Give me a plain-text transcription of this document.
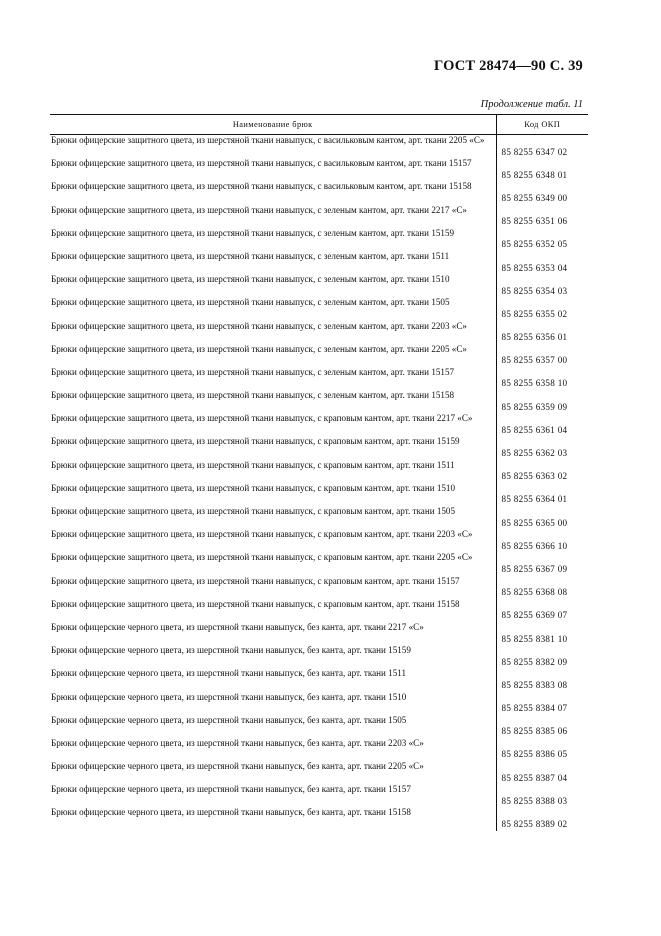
ГОСТ 28474—90 С. 39
Продолжение табл. 11
Наименование брюк	Код ОКП
Брюки офицерские защитного цвета, из шерстяной ткани навыпуск, с васильковым кантом, арт. ткани 2205 «С»	85 8255 6347 02
Брюки офицерские защитного цвета, из шерстяной ткани навыпуск, с васильковым кантом, арт. ткани 15157	85 8255 6348 01
Брюки офицерские защитного цвета, из шерстяной ткани навыпуск, с васильковым кантом, арт. ткани 15158	85 8255 6349 00
Брюки офицерские защитного цвета, из шерстяной ткани навыпуск, с зеленым кантом, арт. ткани 2217 «С»	85 8255 6351 06
Брюки офицерские защитного цвета, из шерстяной ткани навыпуск, с зеленым кантом, арт. ткани 15159	85 8255 6352 05
Брюки офицерские защитного цвета, из шерстяной ткани навыпуск, с зеленым кантом, арт. ткани 1511	85 8255 6353 04
Брюки офицерские защитного цвета, из шерстяной ткани навыпуск, с зеленым кантом, арт. ткани 1510	85 8255 6354 03
Брюки офицерские защитного цвета, из шерстяной ткани навыпуск, с зеленым кантом, арт. ткани 1505	85 8255 6355 02
Брюки офицерские защитного цвета, из шерстяной ткани навыпуск, с зеленым кантом, арт. ткани 2203 «С»	85 8255 6356 01
Брюки офицерские защитного цвета, из шерстяной ткани навыпуск, с зеленым кантом, арт. ткани 2205 «С»	85 8255 6357 00
Брюки офицерские защитного цвета, из шерстяной ткани навыпуск, с зеленым кантом, арт. ткани 15157	85 8255 6358 10
Брюки офицерские защитного цвета, из шерстяной ткани навыпуск, с зеленым кантом, арт. ткани 15158	85 8255 6359 09
Брюки офицерские защитного цвета, из шерстяной ткани навыпуск, с краповым кантом, арт. ткани 2217 «С»	85 8255 6361 04
Брюки офицерские защитного цвета, из шерстяной ткани навыпуск, с краповым кантом, арт. ткани 15159	85 8255 6362 03
Брюки офицерские защитного цвета, из шерстяной ткани навыпуск, с краповым кантом, арт. ткани 1511	85 8255 6363 02
Брюки офицерские защитного цвета, из шерстяной ткани навыпуск, с краповым кантом, арт. ткани 1510	85 8255 6364 01
Брюки офицерские защитного цвета, из шерстяной ткани навыпуск, с краповым кантом, арт. ткани 1505	85 8255 6365 00
Брюки офицерские защитного цвета, из шерстяной ткани навыпуск, с краповым кантом, арт. ткани 2203 «С»	85 8255 6366 10
Брюки офицерские защитного цвета, из шерстяной ткани навыпуск, с краповым кантом, арт. ткани 2205 «С»	85 8255 6367 09
Брюки офицерские защитного цвета, из шерстяной ткани навыпуск, с краповым кантом, арт. ткани 15157	85 8255 6368 08
Брюки офицерские защитного цвета, из шерстяной ткани навыпуск, с краповым кантом, арт. ткани 15158	85 8255 6369 07
Брюки офицерские черного цвета, из шерстяной ткани навыпуск, без канта, арт. ткани 2217 «С»	85 8255 8381 10
Брюки офицерские черного цвета, из шерстяной ткани навыпуск, без канта, арт. ткани 15159	85 8255 8382 09
Брюки офицерские черного цвета, из шерстяной ткани навыпуск, без канта, арт. ткани 1511	85 8255 8383 08
Брюки офицерские черного цвета, из шерстяной ткани навыпуск, без канта, арт. ткани 1510	85 8255 8384 07
Брюки офицерские черного цвета, из шерстяной ткани навыпуск, без канта, арт. ткани 1505	85 8255 8385 06
Брюки офицерские черного цвета, из шерстяной ткани навыпуск, без канта, арт. ткани 2203 «С»	85 8255 8386 05
Брюки офицерские черного цвета, из шерстяной ткани навыпуск, без канта, арт. ткани 2205 «С»	85 8255 8387 04
Брюки офицерские черного цвета, из шерстяной ткани навыпуск, без канта, арт. ткани 15157	85 8255 8388 03
Брюки офицерские черного цвета, из шерстяной ткани навыпуск, без канта, арт. ткани 15158	85 8255 8389 02
